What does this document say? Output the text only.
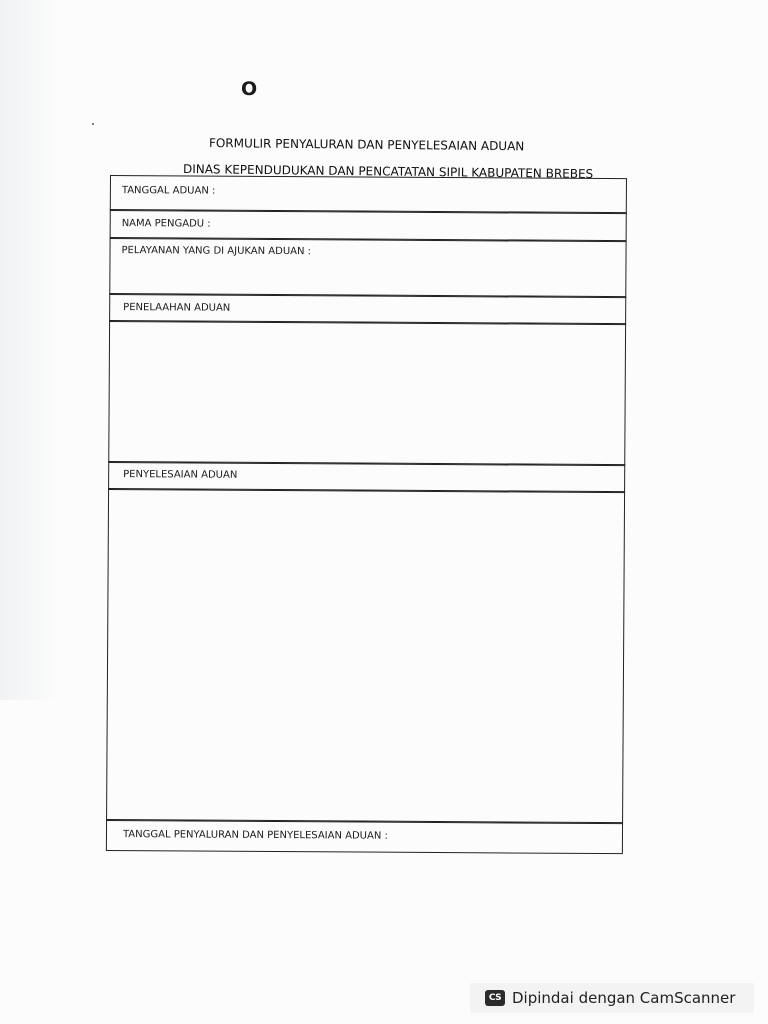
O
FORMULIR PENYALURAN DAN PENYELESAIAN ADUAN
DINAS KEPENDUDUKAN DAN PENCATATAN SIPIL KABUPATEN BREBES
TANGGAL ADUAN :
NAMA PENGADU :
PELAYANAN YANG DI AJUKAN ADUAN :
PENELAAHAN ADUAN
PENYELESAIAN ADUAN
TANGGAL PENYALURAN DAN PENYELESAIAN ADUAN :
CS Dipindai dengan CamScanner
